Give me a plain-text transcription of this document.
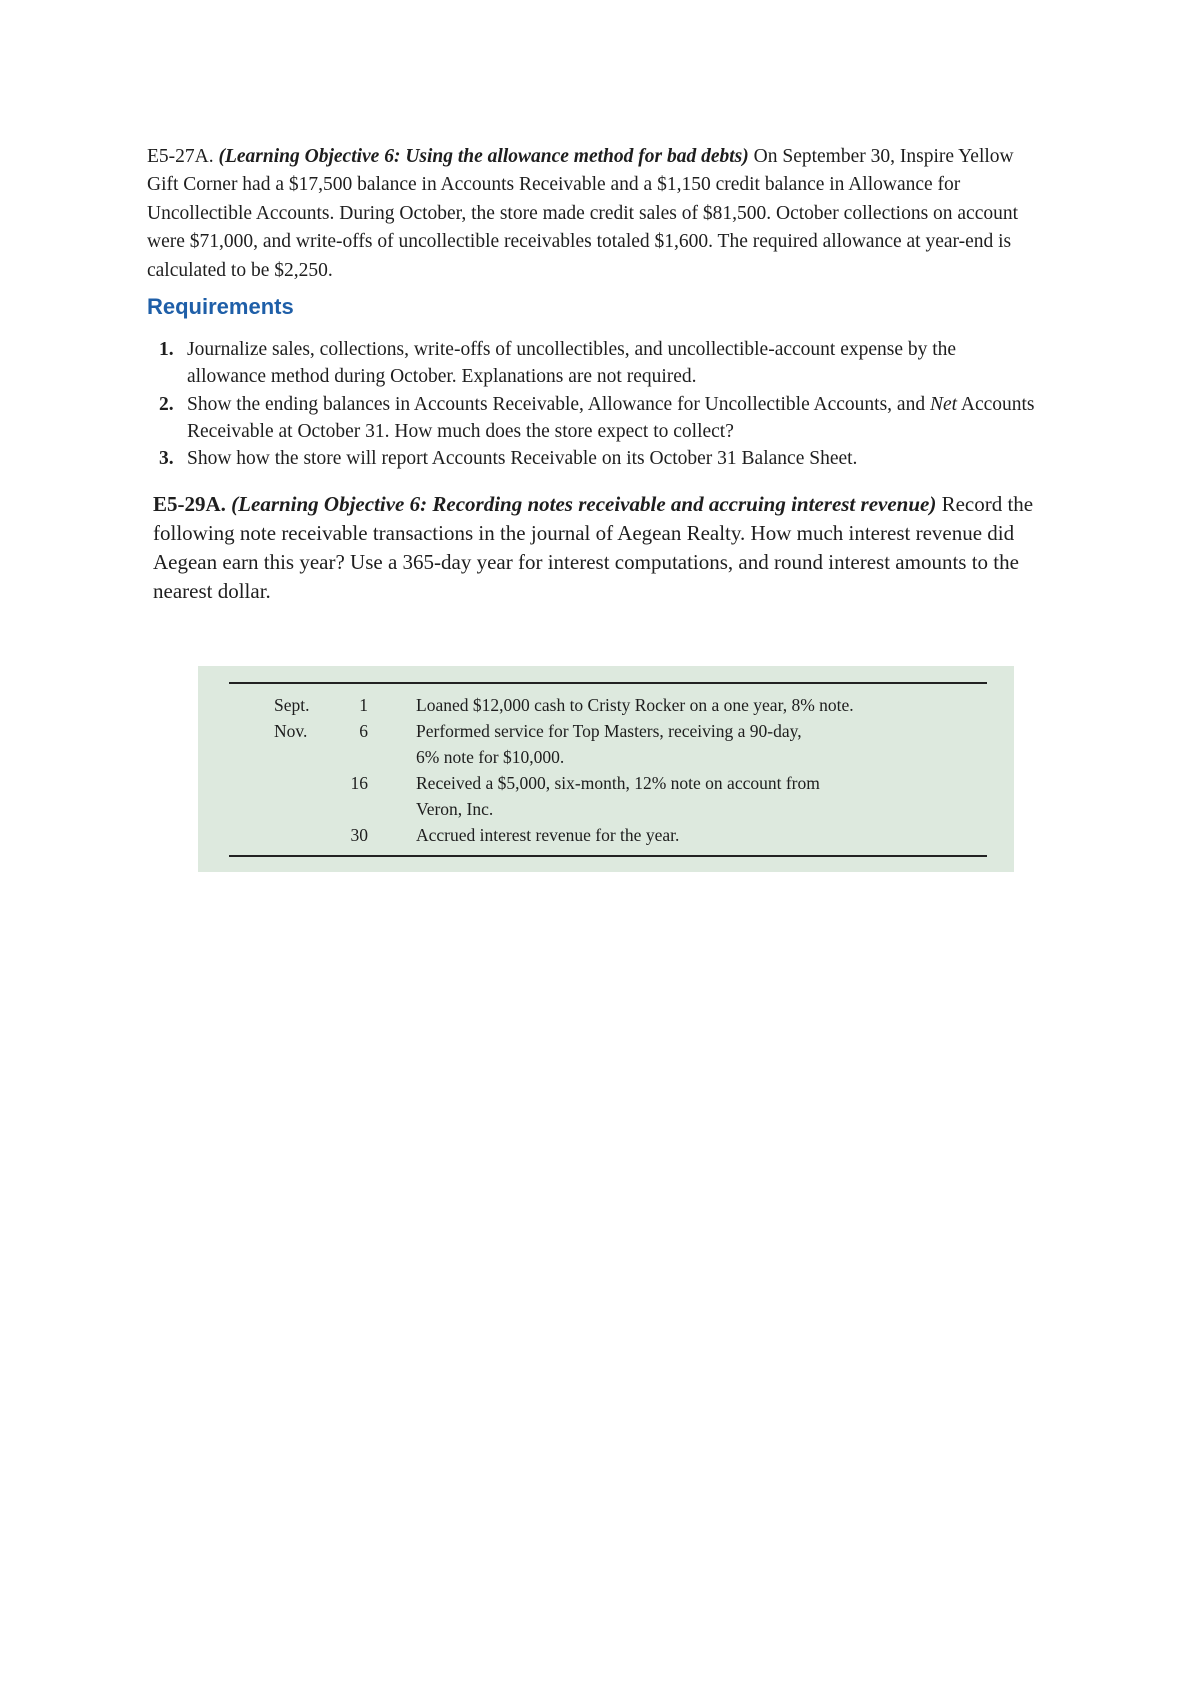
E5-27A. (Learning Objective 6: Using the allowance method for bad debts) On September 30, Inspire Yellow Gift Corner had a $17,500 balance in Accounts Receivable and a $1,150 credit balance in Allowance for Uncollectible Accounts. During October, the store made credit sales of $81,500. October collections on account were $71,000, and write-offs of uncollectible receivables totaled $1,600. The required allowance at year-end is calculated to be $2,250.

Requirements
1. Journalize sales, collections, write-offs of uncollectibles, and uncollectible-account expense by the allowance method during October. Explanations are not required.
2. Show the ending balances in Accounts Receivable, Allowance for Uncollectible Accounts, and Net Accounts Receivable at October 31. How much does the store expect to collect?
3. Show how the store will report Accounts Receivable on its October 31 Balance Sheet.

E5-29A. (Learning Objective 6: Recording notes receivable and accruing interest revenue) Record the following note receivable transactions in the journal of Aegean Realty. How much interest revenue did Aegean earn this year? Use a 365-day year for interest computations, and round interest amounts to the nearest dollar.

Sept.	1	Loaned $12,000 cash to Cristy Rocker on a one year, 8% note.
Nov.	6	Performed service for Top Masters, receiving a 90-day,
6% note for $10,000.
16	Received a $5,000, six-month, 12% note on account from
Veron, Inc.
30	Accrued interest revenue for the year.
